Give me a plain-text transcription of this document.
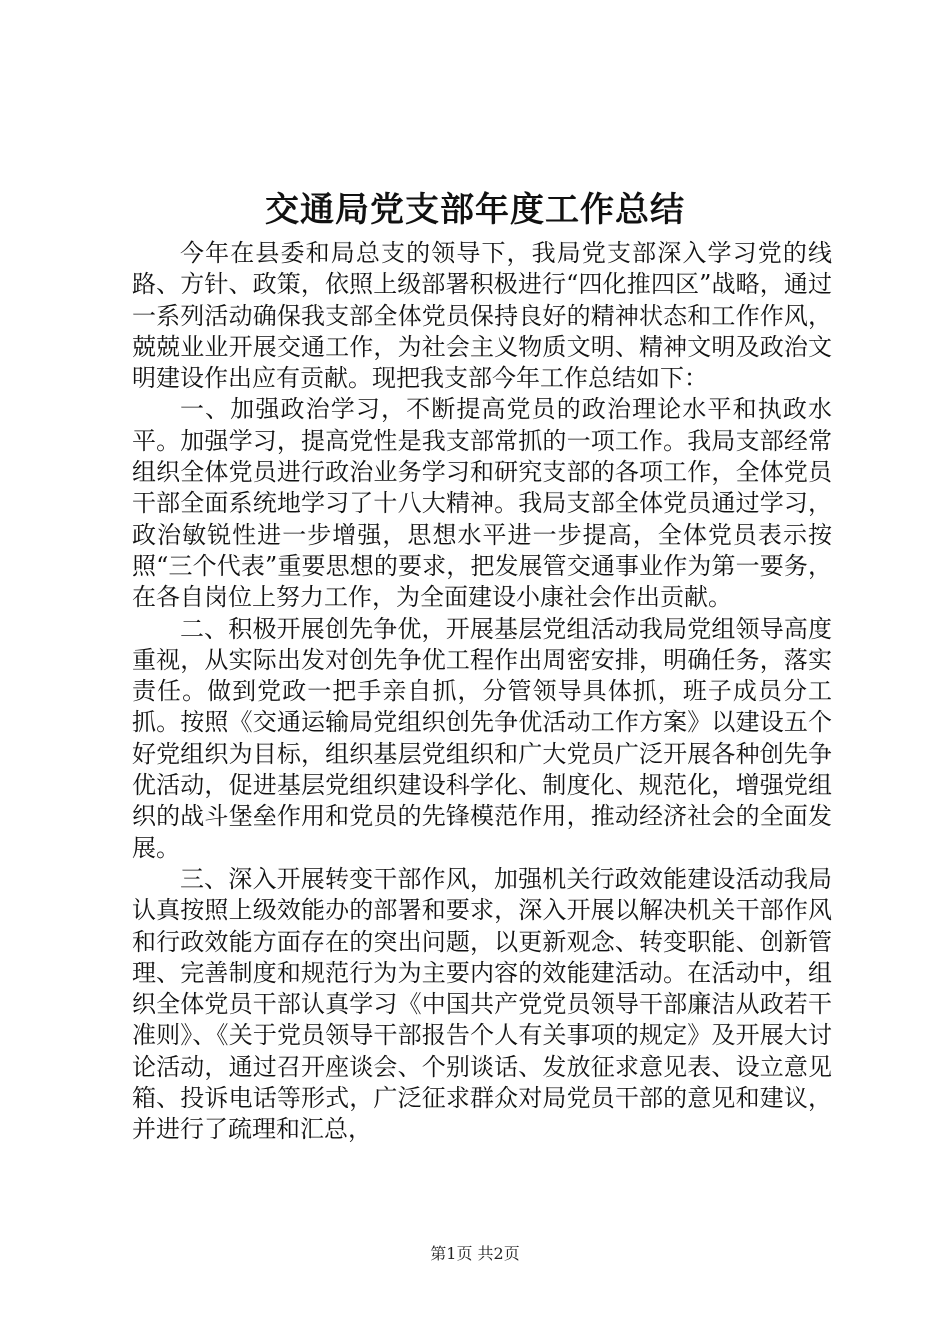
交通局党支部年度工作总结

今年在县委和局总支的领导下，我局党支部深入学习党的线路、方针、政策，依照上级部署积极进行“四化推四区”战略，通过一系列活动确保我支部全体党员保持良好的精神状态和工作作风，兢兢业业开展交通工作，为社会主义物质文明、精神文明及政治文明建设作出应有贡献。现把我支部今年工作总结如下：

一、加强政治学习，不断提高党员的政治理论水平和执政水平。加强学习，提高党性是我支部常抓的一项工作。我局支部经常组织全体党员进行政治业务学习和研究支部的各项工作，全体党员干部全面系统地学习了十八大精神。我局支部全体党员通过学习，政治敏锐性进一步增强，思想水平进一步提高，全体党员表示按照“三个代表”重要思想的要求，把发展管交通事业作为第一要务，在各自岗位上努力工作，为全面建设小康社会作出贡献。

二、积极开展创先争优，开展基层党组活动我局党组领导高度重视，从实际出发对创先争优工程作出周密安排，明确任务，落实责任。做到党政一把手亲自抓，分管领导具体抓，班子成员分工抓。按照《交通运输局党组织创先争优活动工作方案》以建设五个好党组织为目标，组织基层党组织和广大党员广泛开展各种创先争优活动，促进基层党组织建设科学化、制度化、规范化，增强党组织的战斗堡垒作用和党员的先锋模范作用，推动经济社会的全面发展。

三、深入开展转变干部作风，加强机关行政效能建设活动我局认真按照上级效能办的部署和要求，深入开展以解决机关干部作风和行政效能方面存在的突出问题，以更新观念、转变职能、创新管理、完善制度和规范行为为主要内容的效能建活动。在活动中，组织全体党员干部认真学习《中国共产党党员领导干部廉洁从政若干准则》、《关于党员领导干部报告个人有关事项的规定》及开展大讨论活动，通过召开座谈会、个别谈话、发放征求意见表、设立意见箱、投诉电话等形式，广泛征求群众对局党员干部的意见和建议，并进行了疏理和汇总，

第1页 共2页
